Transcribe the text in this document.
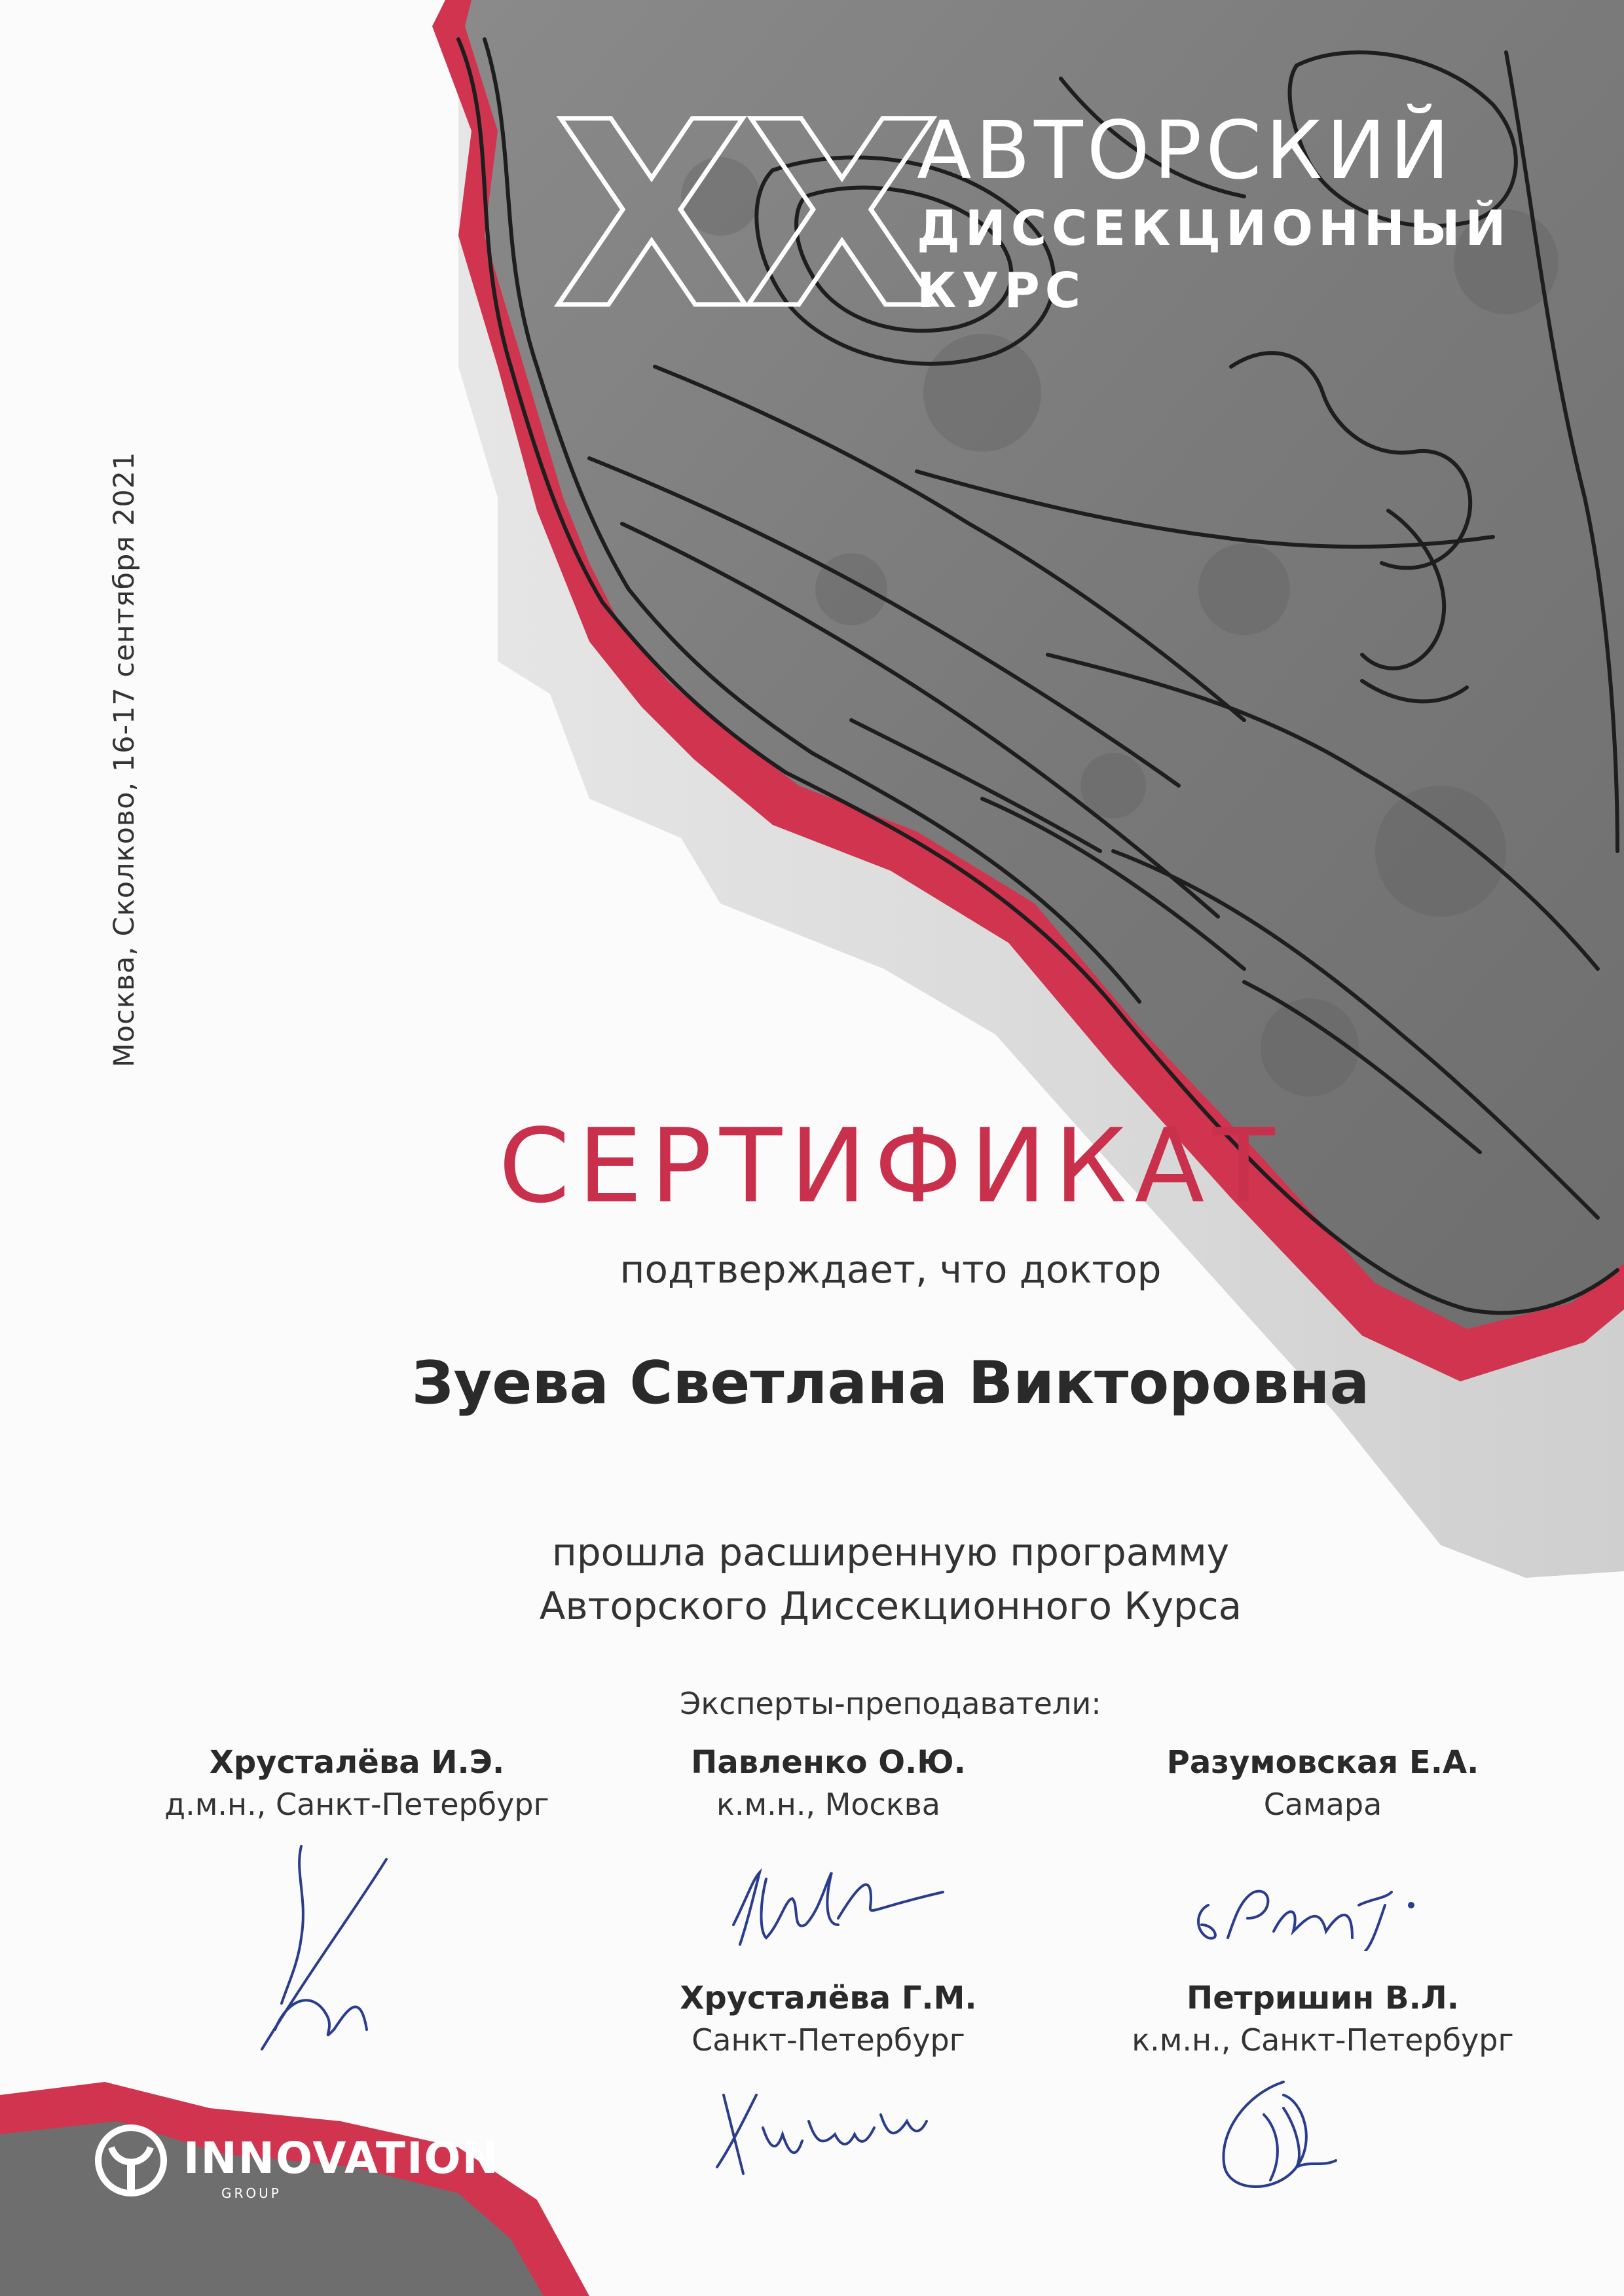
Москва, Сколково, 16-17 сентября 2021
XX
АВТОРСКИЙ
ДИССЕКЦИОННЫЙ
КУРС
СЕРТИФИКАТ
подтверждает, что доктор
Зуева Светлана Викторовна
прошла расширенную программу
Авторского Диссекционного Курса
Эксперты-преподаватели:
Хрусталёва И.Э.
д.м.н., Санкт-Петербург
Павленко О.Ю.
к.м.н., Москва
Разумовская Е.А.
Самара
Хрусталёва Г.М.
Санкт-Петербург
Петришин В.Л.
к.м.н., Санкт-Петербург
INNOVATION
GROUP
